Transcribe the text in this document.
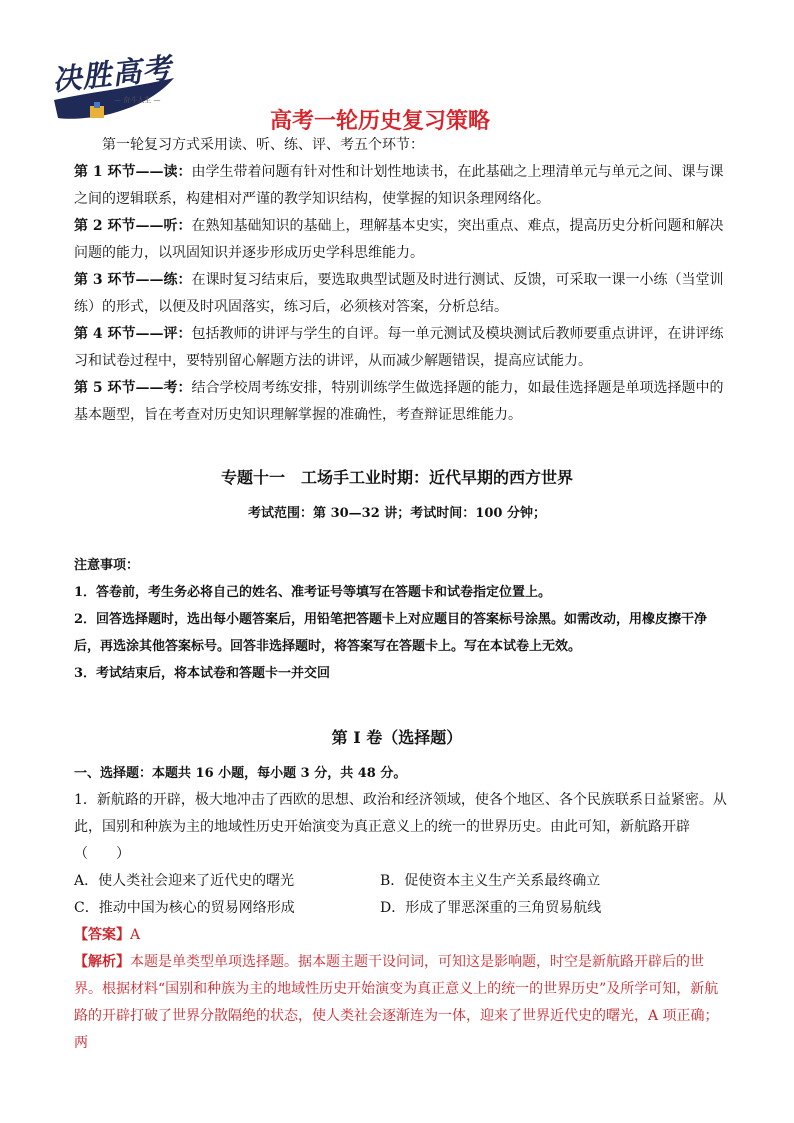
决胜高考
— 奋斗人生 —
高考一轮历史复习策略

第一轮复习方式采用读、听、练、评、考五个环节：

第 1 环节——读：由学生带着问题有针对性和计划性地读书，在此基础之上理清单元与单元之间、课与课之间的逻辑联系，构建相对严谨的教学知识结构，使掌握的知识条理网络化。

第 2 环节——听：在熟知基础知识的基础上，理解基本史实，突出重点、难点，提高历史分析问题和解决问题的能力，以巩固知识并逐步形成历史学科思维能力。

第 3 环节——练：在课时复习结束后，要选取典型试题及时进行测试、反馈，可采取一课一小练（当堂训练）的形式，以便及时巩固落实，练习后，必须核对答案，分析总结。

第 4 环节——评：包括教师的讲评与学生的自评。每一单元测试及模块测试后教师要重点讲评，在讲评练习和试卷过程中，要特别留心解题方法的讲评，从而减少解题错误，提高应试能力。

第 5 环节——考：结合学校周考练安排，特别训练学生做选择题的能力，如最佳选择题是单项选择题中的基本题型，旨在考查对历史知识理解掌握的准确性，考查辩证思维能力。

专题十一　工场手工业时期：近代早期的西方世界
考试范围：第 30—32 讲；考试时间：100 分钟；
注意事项：
1．答卷前，考生务必将自己的姓名、准考证号等填写在答题卡和试卷指定位置上。
2．回答选择题时，选出每小题答案后，用铅笔把答题卡上对应题目的答案标号涂黑。如需改动，用橡皮擦干净后，再选涂其他答案标号。回答非选择题时，将答案写在答题卡上。写在本试卷上无效。
3．考试结束后，将本试卷和答题卡一并交回
第 I 卷（选择题）
一、选择题：本题共 16 小题，每小题 3 分，共 48 分。
1．新航路的开辟，极大地冲击了西欧的思想、政治和经济领域，使各个地区、各个民族联系日益紧密。从此，国别和种族为主的地域性历史开始演变为真正意义上的统一的世界历史。由此可知，新航路开辟（　　）
A．使人类社会迎来了近代史的曙光	B．促使资本主义生产关系最终确立
C．推动中国为核心的贸易网络形成	D．形成了罪恶深重的三角贸易航线
【答案】A
【解析】本题是单类型单项选择题。据本题主题干设问词，可知这是影响题，时空是新航路开辟后的世界。根据材料“国别和种族为主的地域性历史开始演变为真正意义上的统一的世界历史”及所学可知，新航路的开辟打破了世界分散隔绝的状态，使人类社会逐渐连为一体，迎来了世界近代史的曙光，A 项正确；两
